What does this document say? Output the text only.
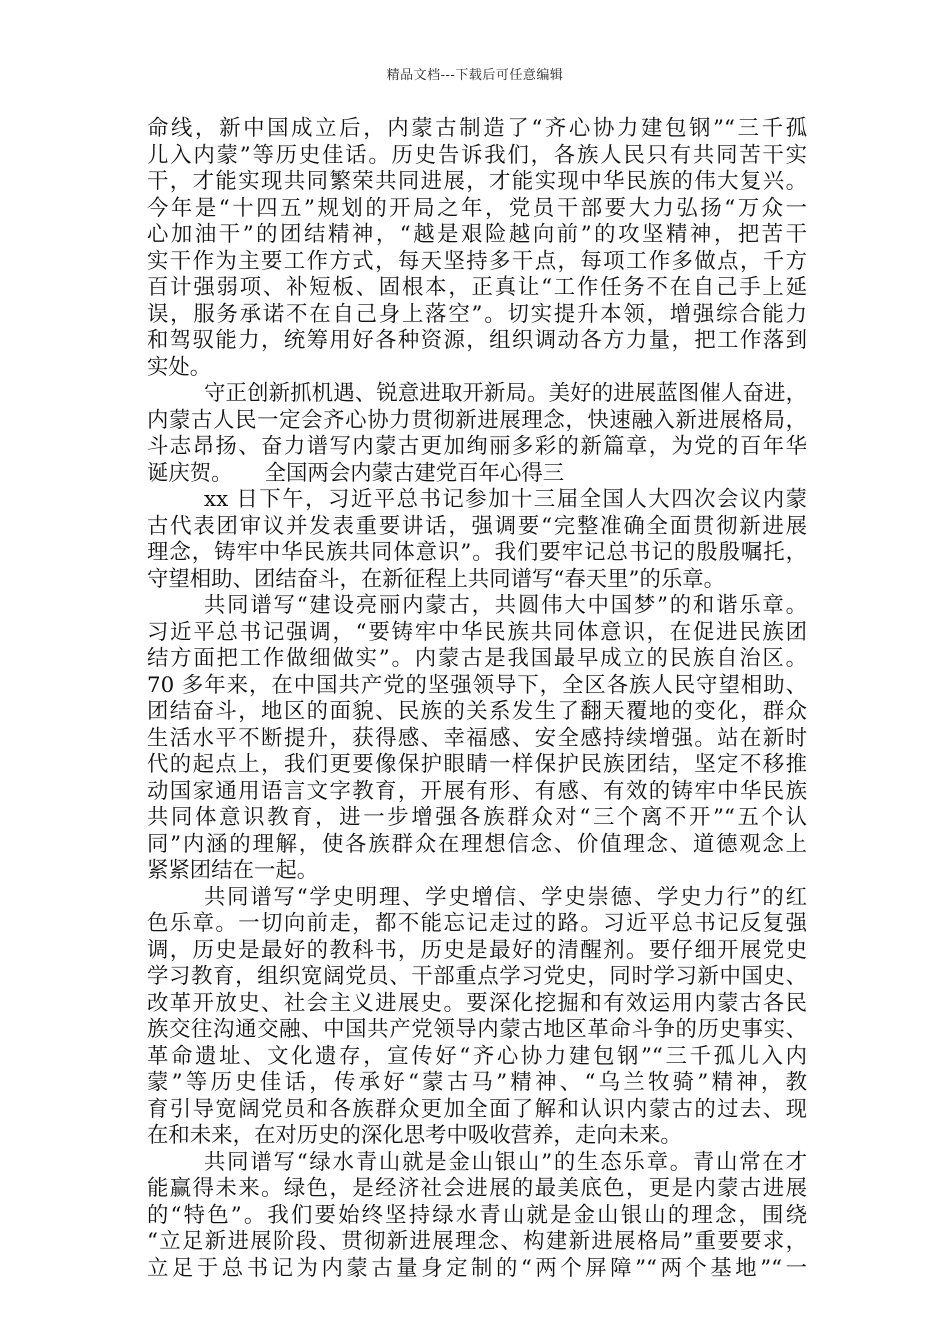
精品文档---下载后可任意编辑
命线，新中国成立后，内蒙古制造了“齐心协力建包钢”“三千孤
儿入内蒙”等历史佳话。历史告诉我们，各族人民只有共同苦干实
干，才能实现共同繁荣共同进展，才能实现中华民族的伟大复兴。
今年是“十四五”规划的开局之年，党员干部要大力弘扬“万众一
心加油干”的团结精神，“越是艰险越向前”的攻坚精神，把苦干
实干作为主要工作方式，每天坚持多干点，每项工作多做点，千方
百计强弱项、补短板、固根本，正真让“工作任务不在自己手上延
误，服务承诺不在自己身上落空”。切实提升本领，增强综合能力
和驾驭能力，统筹用好各种资源，组织调动各方力量，把工作落到
实处。
守正创新抓机遇、锐意进取开新局。美好的进展蓝图催人奋进，
内蒙古人民一定会齐心协力贯彻新进展理念，快速融入新进展格局，
斗志昂扬、奋力谱写内蒙古更加绚丽多彩的新篇章，为党的百年华
诞庆贺。　　全国两会内蒙古建党百年心得三
xx 日下午，习近平总书记参加十三届全国人大四次会议内蒙
古代表团审议并发表重要讲话，强调要“完整准确全面贯彻新进展
理念，铸牢中华民族共同体意识”。我们要牢记总书记的殷殷嘱托，
守望相助、团结奋斗，在新征程上共同谱写“春天里”的乐章。
共同谱写“建设亮丽内蒙古，共圆伟大中国梦”的和谐乐章。
习近平总书记强调，“要铸牢中华民族共同体意识，在促进民族团
结方面把工作做细做实”。内蒙古是我国最早成立的民族自治区。
70 多年来，在中国共产党的坚强领导下，全区各族人民守望相助、
团结奋斗，地区的面貌、民族的关系发生了翻天覆地的变化，群众
生活水平不断提升，获得感、幸福感、安全感持续增强。站在新时
代的起点上，我们更要像保护眼睛一样保护民族团结，坚定不移推
动国家通用语言文字教育，开展有形、有感、有效的铸牢中华民族
共同体意识教育，进一步增强各族群众对“三个离不开”“五个认
同”内涵的理解，使各族群众在理想信念、价值理念、道德观念上
紧紧团结在一起。
共同谱写“学史明理、学史增信、学史崇德、学史力行”的红
色乐章。一切向前走，都不能忘记走过的路。习近平总书记反复强
调，历史是最好的教科书，历史是最好的清醒剂。要仔细开展党史
学习教育，组织宽阔党员、干部重点学习党史，同时学习新中国史、
改革开放史、社会主义进展史。要深化挖掘和有效运用内蒙古各民
族交往沟通交融、中国共产党领导内蒙古地区革命斗争的历史事实、
革命遗址、文化遗存，宣传好“齐心协力建包钢”“三千孤儿入内
蒙”等历史佳话，传承好“蒙古马”精神、“乌兰牧骑”精神，教
育引导宽阔党员和各族群众更加全面了解和认识内蒙古的过去、现
在和未来，在对历史的深化思考中吸收营养，走向未来。
共同谱写“绿水青山就是金山银山”的生态乐章。青山常在才
能赢得未来。绿色，是经济社会进展的最美底色，更是内蒙古进展
的“特色”。我们要始终坚持绿水青山就是金山银山的理念，围绕
“立足新进展阶段、贯彻新进展理念、构建新进展格局”重要要求，
立足于总书记为内蒙古量身定制的“两个屏障”“两个基地”“一
